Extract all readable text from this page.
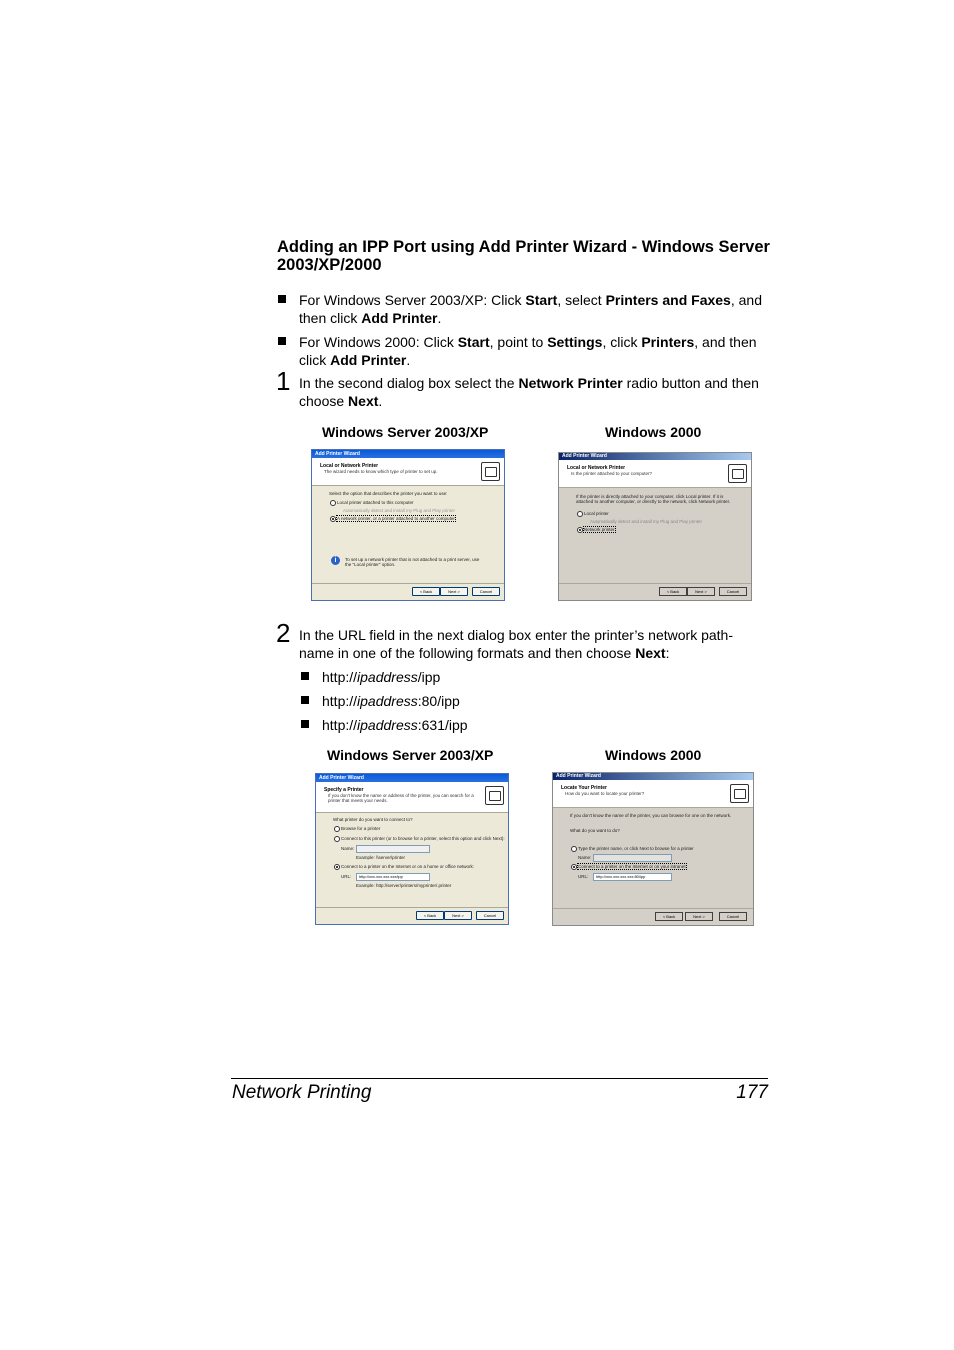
Adding an IPP Port using Add Printer Wizard - Windows Server 2003/XP/2000

For Windows Server 2003/XP: Click Start, select Printers and Faxes, and then click Add Printer.

For Windows 2000: Click Start, point to Settings, click Printers, and then click Add Printer.

1 In the second dialog box select the Network Printer radio button and then choose Next.

Windows Server 2003/XP	Windows 2000
Add Printer Wizard
Local or Network Printer
The wizard needs to know which type of printer to set up.
Select the option that describes the printer you want to use:
Local printer attached to this computer
Automatically detect and install my Plug and Play printer
A network printer, or a printer attached to another computer
i	To set up a network printer that is not attached to a print server, use the "Local printer" option.
< Back	Next >	Cancel
Add Printer Wizard
Local or Network Printer
Is the printer attached to your computer?
If the printer is directly attached to your computer, click Local printer. If it is attached to another computer, or directly to the network, click Network printer.
Local printer
Automatically detect and install my Plug and Play printer
Network printer
< Back	Next >	Cancel
2 In the URL field in the next dialog box enter the printer’s network path-name in one of the following formats and then choose Next:

http://ipaddress/ipp

http://ipaddress:80/ipp

http://ipaddress:631/ipp

Windows Server 2003/XP	Windows 2000
Add Printer Wizard
Specify a Printer
If you don't know the name or address of the printer, you can search for a printer that meets your needs.
What printer do you want to connect to?
Browse for a printer
Connect to this printer (or to browse for a printer, select this option and click Next):
Name:
Example: \\server\printer
Connect to a printer on the Internet or on a home or office network:
URL:	http://xxx.xxx.xxx.xxx/ipp
Example: http://server/printers/myprinter/.printer
< Back	Next >	Cancel
Add Printer Wizard
Locate Your Printer
How do you want to locate your printer?
If you don't know the name of the printer, you can browse for one on the network.
What do you want to do?
Type the printer name, or click Next to browse for a printer
Name:
Connect to a printer on the Internet or on your intranet
URL:	http://xxx.xxx.xxx.xxx:80/ipp
< Back	Next >	Cancel
Network Printing	177
